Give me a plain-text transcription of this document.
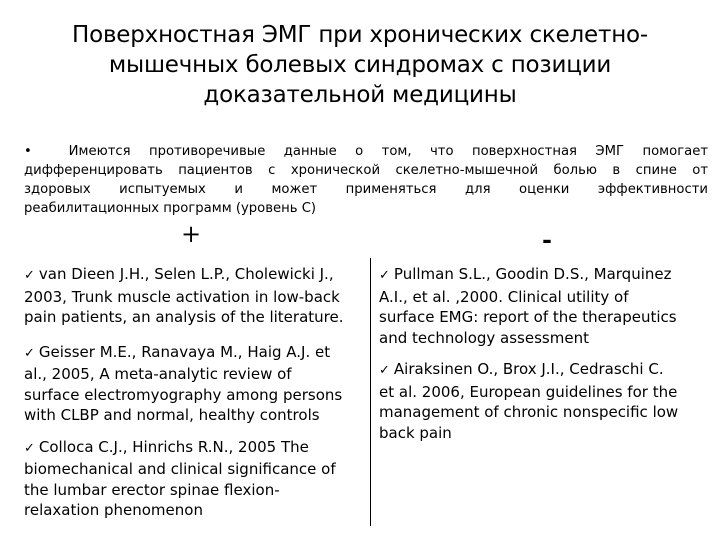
Поверхностная ЭМГ при хронических скелетно-
мышечных болевых синдромах с позиции
доказательной медицины
•	Имеются противоречивые данные о том, что поверхностная ЭМГ помогает
дифференцировать пациентов с хронической скелетно-мышечной болью в спине от
здоровых испытуемых и может применяться для оценки эффективности
реабилитационных программ (уровень С)
+	-
✓ van Dieen J.H., Selen L.P., Cholewicki J.,
2003, Trunk muscle activation in low-back
pain patients, an analysis of the literature.
✓ Geisser M.E., Ranavaya M., Haig A.J. et
al., 2005, A meta-analytic review of
surface electromyography among persons
with CLBP and normal, healthy controls
✓ Colloca C.J., Hinrichs R.N., 2005 The
biomechanical and clinical significance of
the lumbar erector spinae flexion-
relaxation phenomenon
✓ Pullman S.L., Goodin D.S., Marquinez
A.I., et al. ,2000. Clinical utility of
surface EMG: report of the therapeutics
and technology assessment
✓ Airaksinen O., Brox J.I., Cedraschi C.
et al. 2006, European guidelines for the
management of chronic nonspecific low
back pain
